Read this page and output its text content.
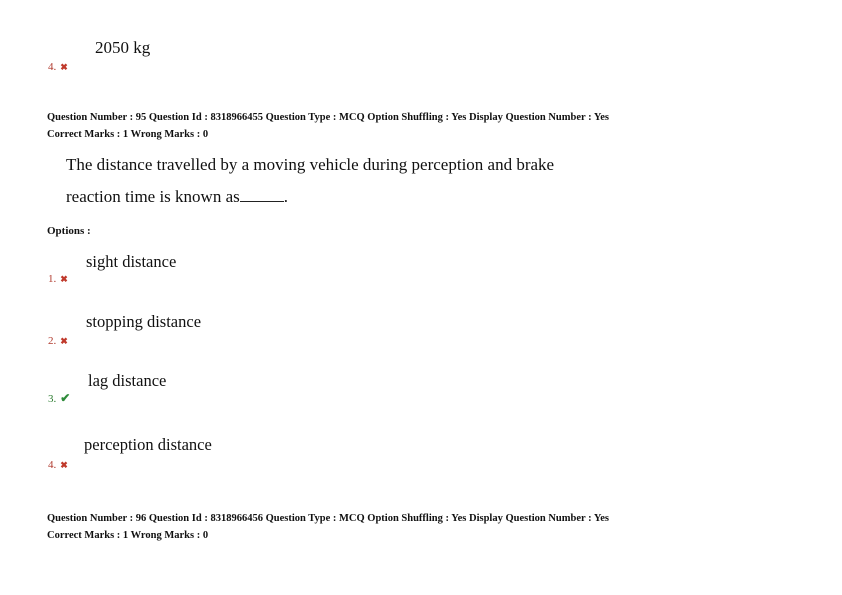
2050 kg
4. ✖
Question Number : 95 Question Id : 8318966455 Question Type : MCQ Option Shuffling : Yes Display Question Number : Yes
Correct Marks : 1 Wrong Marks : 0
The distance travelled by a moving vehicle during perception and brake
reaction time is known as	.
Options :
sight distance
1. ✖
stopping distance
2. ✖
lag distance
3. ✔
perception distance
4. ✖
Question Number : 96 Question Id : 8318966456 Question Type : MCQ Option Shuffling : Yes Display Question Number : Yes
Correct Marks : 1 Wrong Marks : 0
